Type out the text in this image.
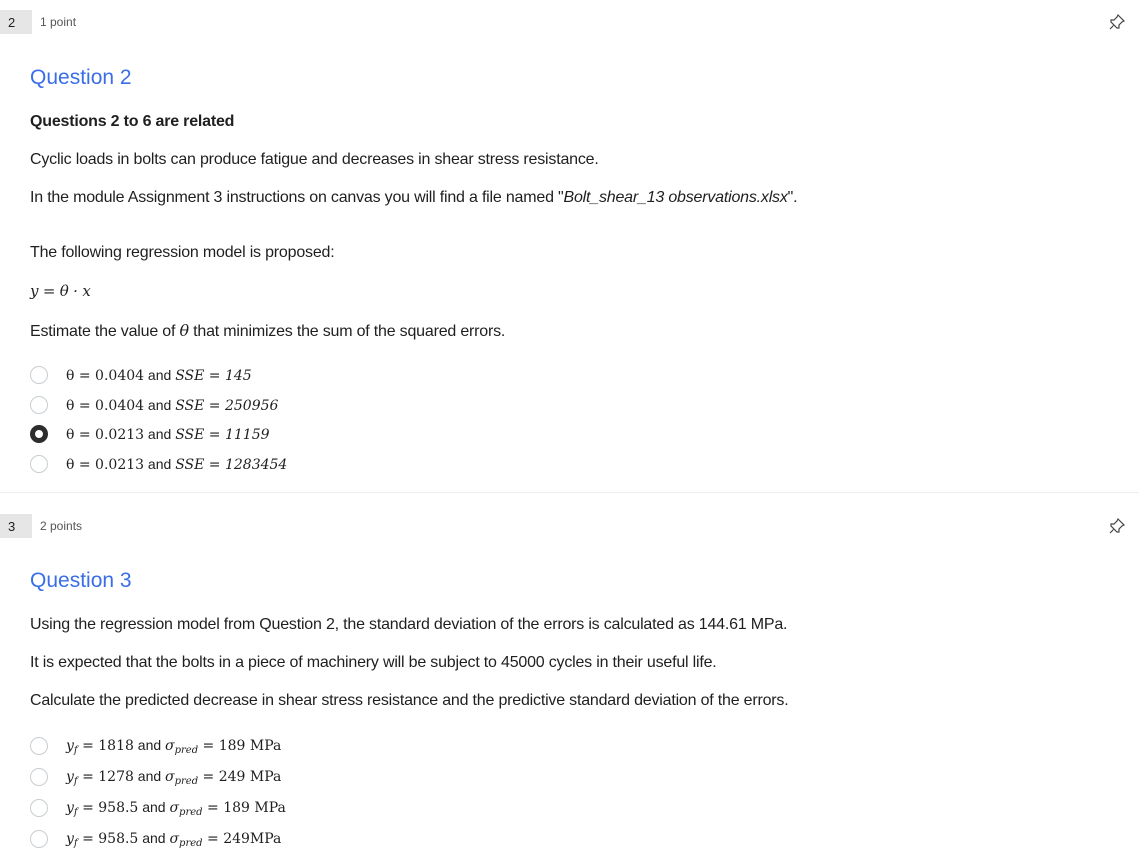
2	1 point
Question 2
Questions 2 to 6 are related
Cyclic loads in bolts can produce fatigue and decreases in shear stress resistance.
In the module Assignment 3 instructions on canvas you will find a file named "Bolt_shear_13 observations.xlsx".
The following regression model is proposed:
y = θ · x
Estimate the value of θ that minimizes the sum of the squared errors.
θ = 0.0404 and SSE = 145
θ = 0.0404 and SSE = 250956
θ = 0.0213 and SSE = 11159
θ = 0.0213 and SSE = 1283454
3	2 points
Question 3
Using the regression model from Question 2, the standard deviation of the errors is calculated as 144.61 MPa.
It is expected that the bolts in a piece of machinery will be subject to 45000 cycles in their useful life.
Calculate the predicted decrease in shear stress resistance and the predictive standard deviation of the errors.
$y_f = 1818$ and $\sigma_{pred} = 189$ MPa
$y_f = 1278$ and $\sigma_{pred} = 249$ MPa
$y_f = 958.5$ and $\sigma_{pred} = 189$ MPa
$y_f = 958.5$ and $\sigma_{pred} = 249MPa$
